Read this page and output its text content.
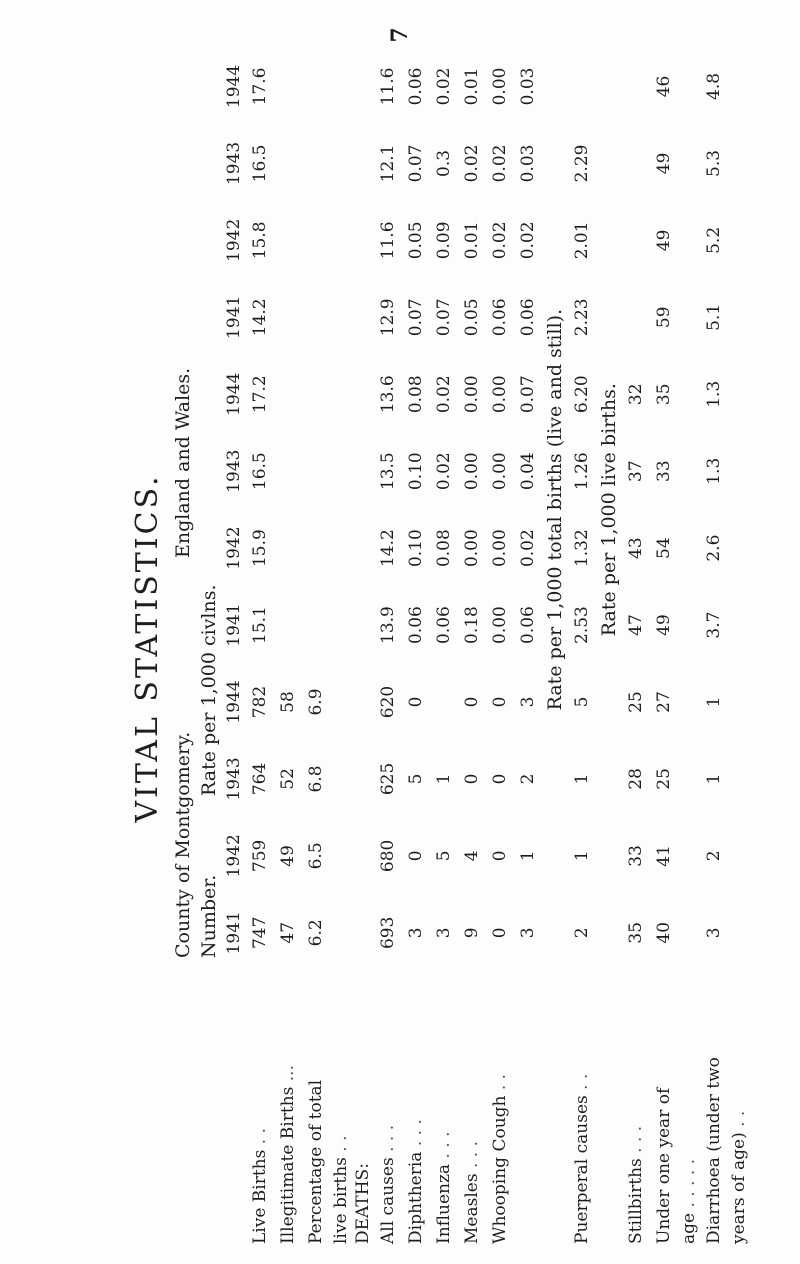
7
VITAL STATISTICS.
County of Montgomery.
England and Wales.
Number.
Rate per 1,000 civlns.
	1941	1942	1943	1944	1941	1942	1943	1944	1941	1942	1943	1944
Live Births . .	747	759	764	782	15.1	15.9	16.5	17.2	14.2	15.8	16.5	17.6
Illegitimate Births ...	47	49	52	58								
Percentage of total	6.2	6.5	6.8	6.9								
live births . .												
DEATHS:												
All causes . . .	693	680	625	620	13.9	14.2	13.5	13.6	12.9	11.6	12.1	11.6
Diphtheria . . .	3	0	5	0	0.06	0.10	0.10	0.08	0.07	0.05	0.07	0.06
Influenza . . .	3	5	1		0.06	0.08	0.02	0.02	0.07	0.09	0.3	0.02
Measles . . .	9	4	0	0	0.18	0.00	0.00	0.00	0.05	0.01	0.02	0.01
Whooping Cough . .	0	0	0	0	0.00	0.00	0.00	0.00	0.06	0.02	0.02	0.00
	3	1	2	3	0.06	0.02	0.04	0.07	0.06	0.02	0.03	0.03
	Rate per 1,000 total births (live and still).											
Puerperal causes . .	2	1	1	5	2.53	1.32	1.26	6.20	2.23	2.01	2.29	
	Rate per 1,000 live births.											
Stillbirths . . .	35	33	28	25	47	43	37	32				
Under one year of	40	41	25	27	49	54	33	35	59	49	49	46
age . . . . .												
Diarrhoea (under two	3	2	1	1	3.7	2.6	1.3	1.3	5.1	5.2	5.3	4.8
years of age) . .												
